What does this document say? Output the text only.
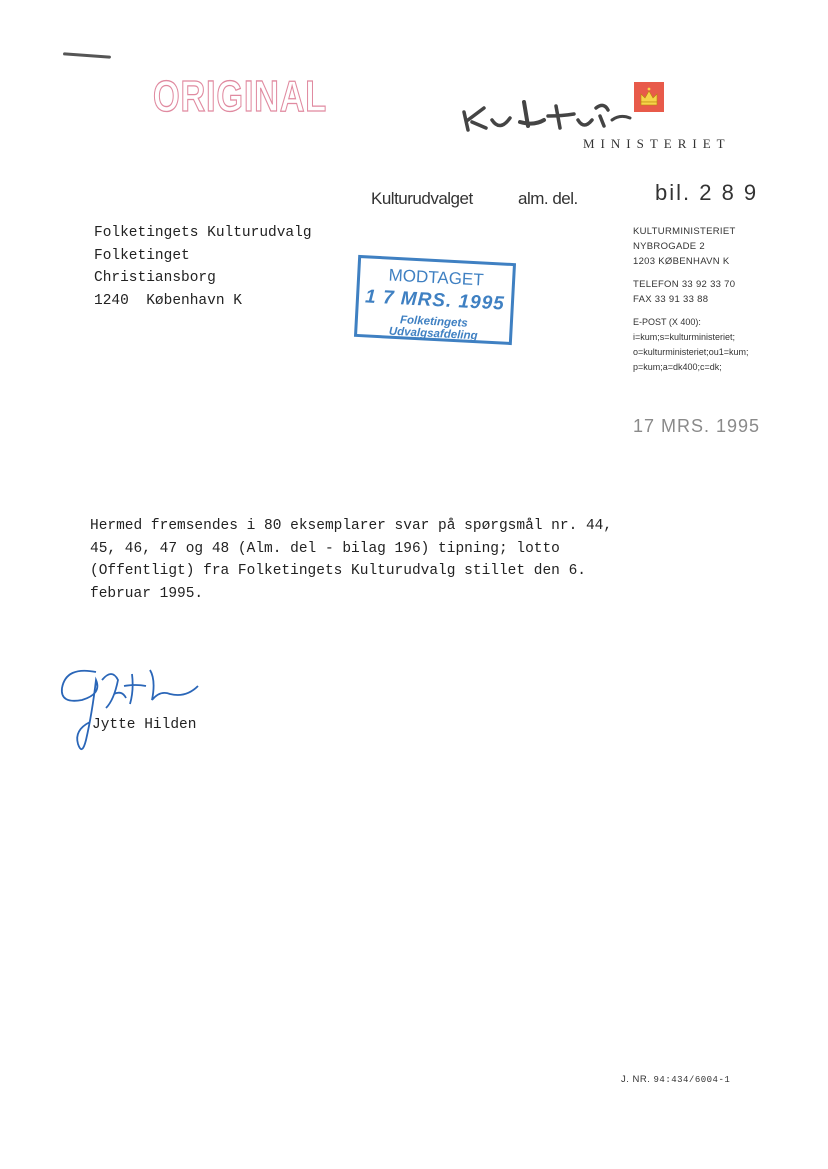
ORIGINAL
MINISTERIET
Kulturudvalget	alm. del.	bil. 2 8 9
Folketingets Kulturudvalg
Folketinget
Christiansborg
1240  København K
MODTAGET
1 7 MRS. 1995
Folketingets Udvalgsafdeling
KULTURMINISTERIET
NYBROGADE 2
1203 KØBENHAVN K
TELEFON 33 92 33 70
FAX 33 91 33 88
E-POST (X 400):
i=kum;s=kulturministeriet;
o=kulturministeriet;ou1=kum;
p=kum;a=dk400;c=dk;
17 MRS. 1995
Hermed fremsendes i 80 eksemplarer svar på spørgsmål nr. 44,
45, 46, 47 og 48 (Alm. del - bilag 196) tipning; lotto
(Offentligt) fra Folketingets Kulturudvalg stillet den 6.
februar 1995.
Jytte Hilden
J. NR. 94:434/6004-1
